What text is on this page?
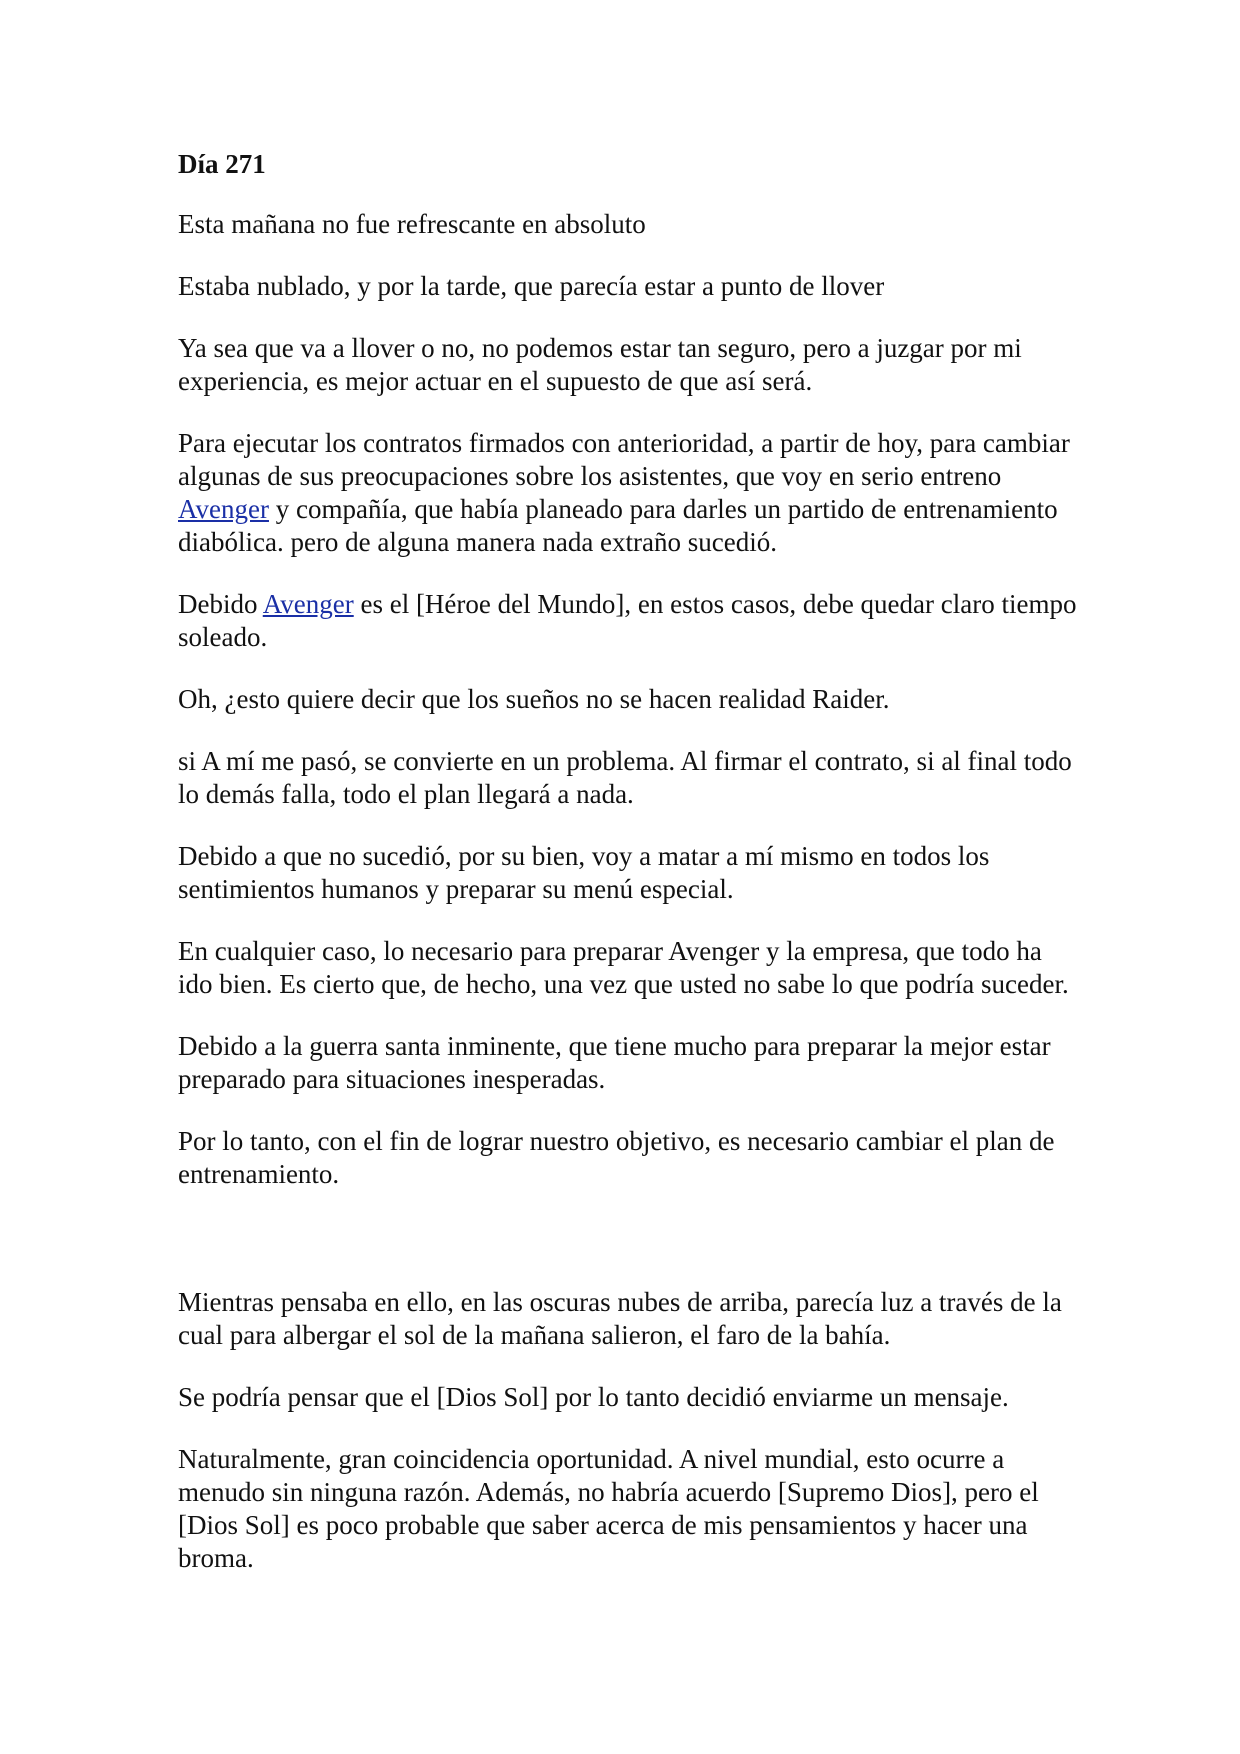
Día 271

Esta mañana no fue refrescante en absoluto

Estaba nublado, y por la tarde, que parecía estar a punto de llover

Ya sea que va a llover o no, no podemos estar tan seguro, pero a juzgar por mi experiencia, es mejor actuar en el supuesto de que así será.

Para ejecutar los contratos firmados con anterioridad, a partir de hoy, para cambiar algunas de sus preocupaciones sobre los asistentes, que voy en serio entreno Avenger y compañía, que había planeado para darles un partido de entrenamiento diabólica. pero de alguna manera nada extraño sucedió.

Debido Avenger es el [Héroe del Mundo], en estos casos, debe quedar claro tiempo soleado.

Oh, ¿esto quiere decir que los sueños no se hacen realidad Raider.

si A mí me pasó, se convierte en un problema. Al firmar el contrato, si al final todo lo demás falla, todo el plan llegará a nada.

Debido a que no sucedió, por su bien, voy a matar a mí mismo en todos los sentimientos humanos y preparar su menú especial.

En cualquier caso, lo necesario para preparar Avenger y la empresa, que todo ha ido bien. Es cierto que, de hecho, una vez que usted no sabe lo que podría suceder.

Debido a la guerra santa inminente, que tiene mucho para preparar la mejor estar preparado para situaciones inesperadas.

Por lo tanto, con el fin de lograr nuestro objetivo, es necesario cambiar el plan de entrenamiento.

Mientras pensaba en ello, en las oscuras nubes de arriba, parecía luz a través de la cual para albergar el sol de la mañana salieron, el faro de la bahía.

Se podría pensar que el [Dios Sol] por lo tanto decidió enviarme un mensaje.

Naturalmente, gran coincidencia oportunidad. A nivel mundial, esto ocurre a menudo sin ninguna razón. Además, no habría acuerdo [Supremo Dios], pero el [Dios Sol] es poco probable que saber acerca de mis pensamientos y hacer una broma.
